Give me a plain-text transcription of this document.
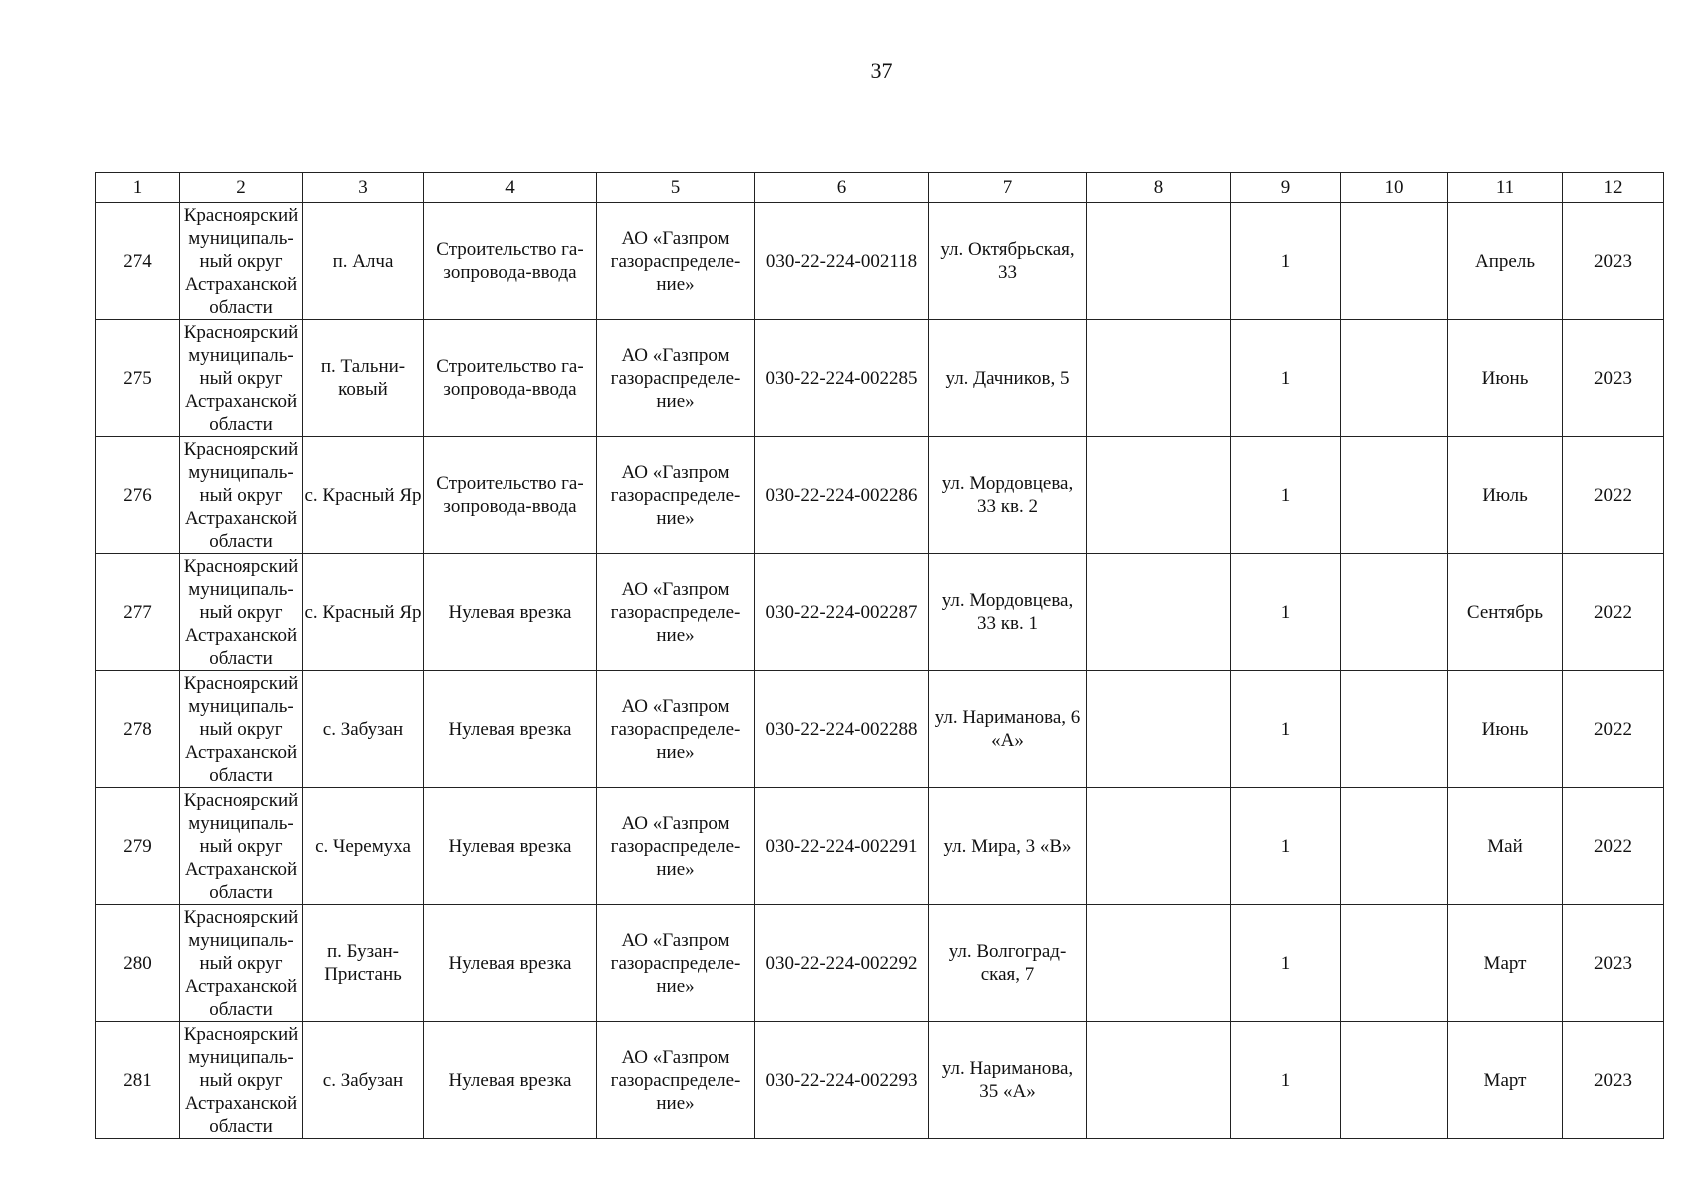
37
1	2	3	4	5	6	7	8	9	10	11	12
274	Красноярский
муниципаль-
ный округ
Астраханской
области	п. Алча	Строительство га-
зопровода-ввода	АО «Газпром
газораспределе-
ние»	030-22-224-002118	ул. Октябрьская,
33		1		Апрель	2023
275	Красноярский
муниципаль-
ный округ
Астраханской
области	п. Тальни-
ковый	Строительство га-
зопровода-ввода	АО «Газпром
газораспределе-
ние»	030-22-224-002285	ул. Дачников, 5		1		Июнь	2023
276	Красноярский
муниципаль-
ный округ
Астраханской
области	с. Красный Яр	Строительство га-
зопровода-ввода	АО «Газпром
газораспределе-
ние»	030-22-224-002286	ул. Мордовцева,
33 кв. 2		1		Июль	2022
277	Красноярский
муниципаль-
ный округ
Астраханской
области	с. Красный Яр	Нулевая врезка	АО «Газпром
газораспределе-
ние»	030-22-224-002287	ул. Мордовцева,
33 кв. 1		1		Сентябрь	2022
278	Красноярский
муниципаль-
ный округ
Астраханской
области	с. Забузан	Нулевая врезка	АО «Газпром
газораспределе-
ние»	030-22-224-002288	ул. Нариманова, 6
«А»		1		Июнь	2022
279	Красноярский
муниципаль-
ный округ
Астраханской
области	с. Черемуха	Нулевая врезка	АО «Газпром
газораспределе-
ние»	030-22-224-002291	ул. Мира, 3 «В»		1		Май	2022
280	Красноярский
муниципаль-
ный округ
Астраханской
области	п. Бузан-
Пристань	Нулевая врезка	АО «Газпром
газораспределе-
ние»	030-22-224-002292	ул. Волгоград-
ская, 7		1		Март	2023
281	Красноярский
муниципаль-
ный округ
Астраханской
области	с. Забузан	Нулевая врезка	АО «Газпром
газораспределе-
ние»	030-22-224-002293	ул. Нариманова,
35 «А»		1		Март	2023
